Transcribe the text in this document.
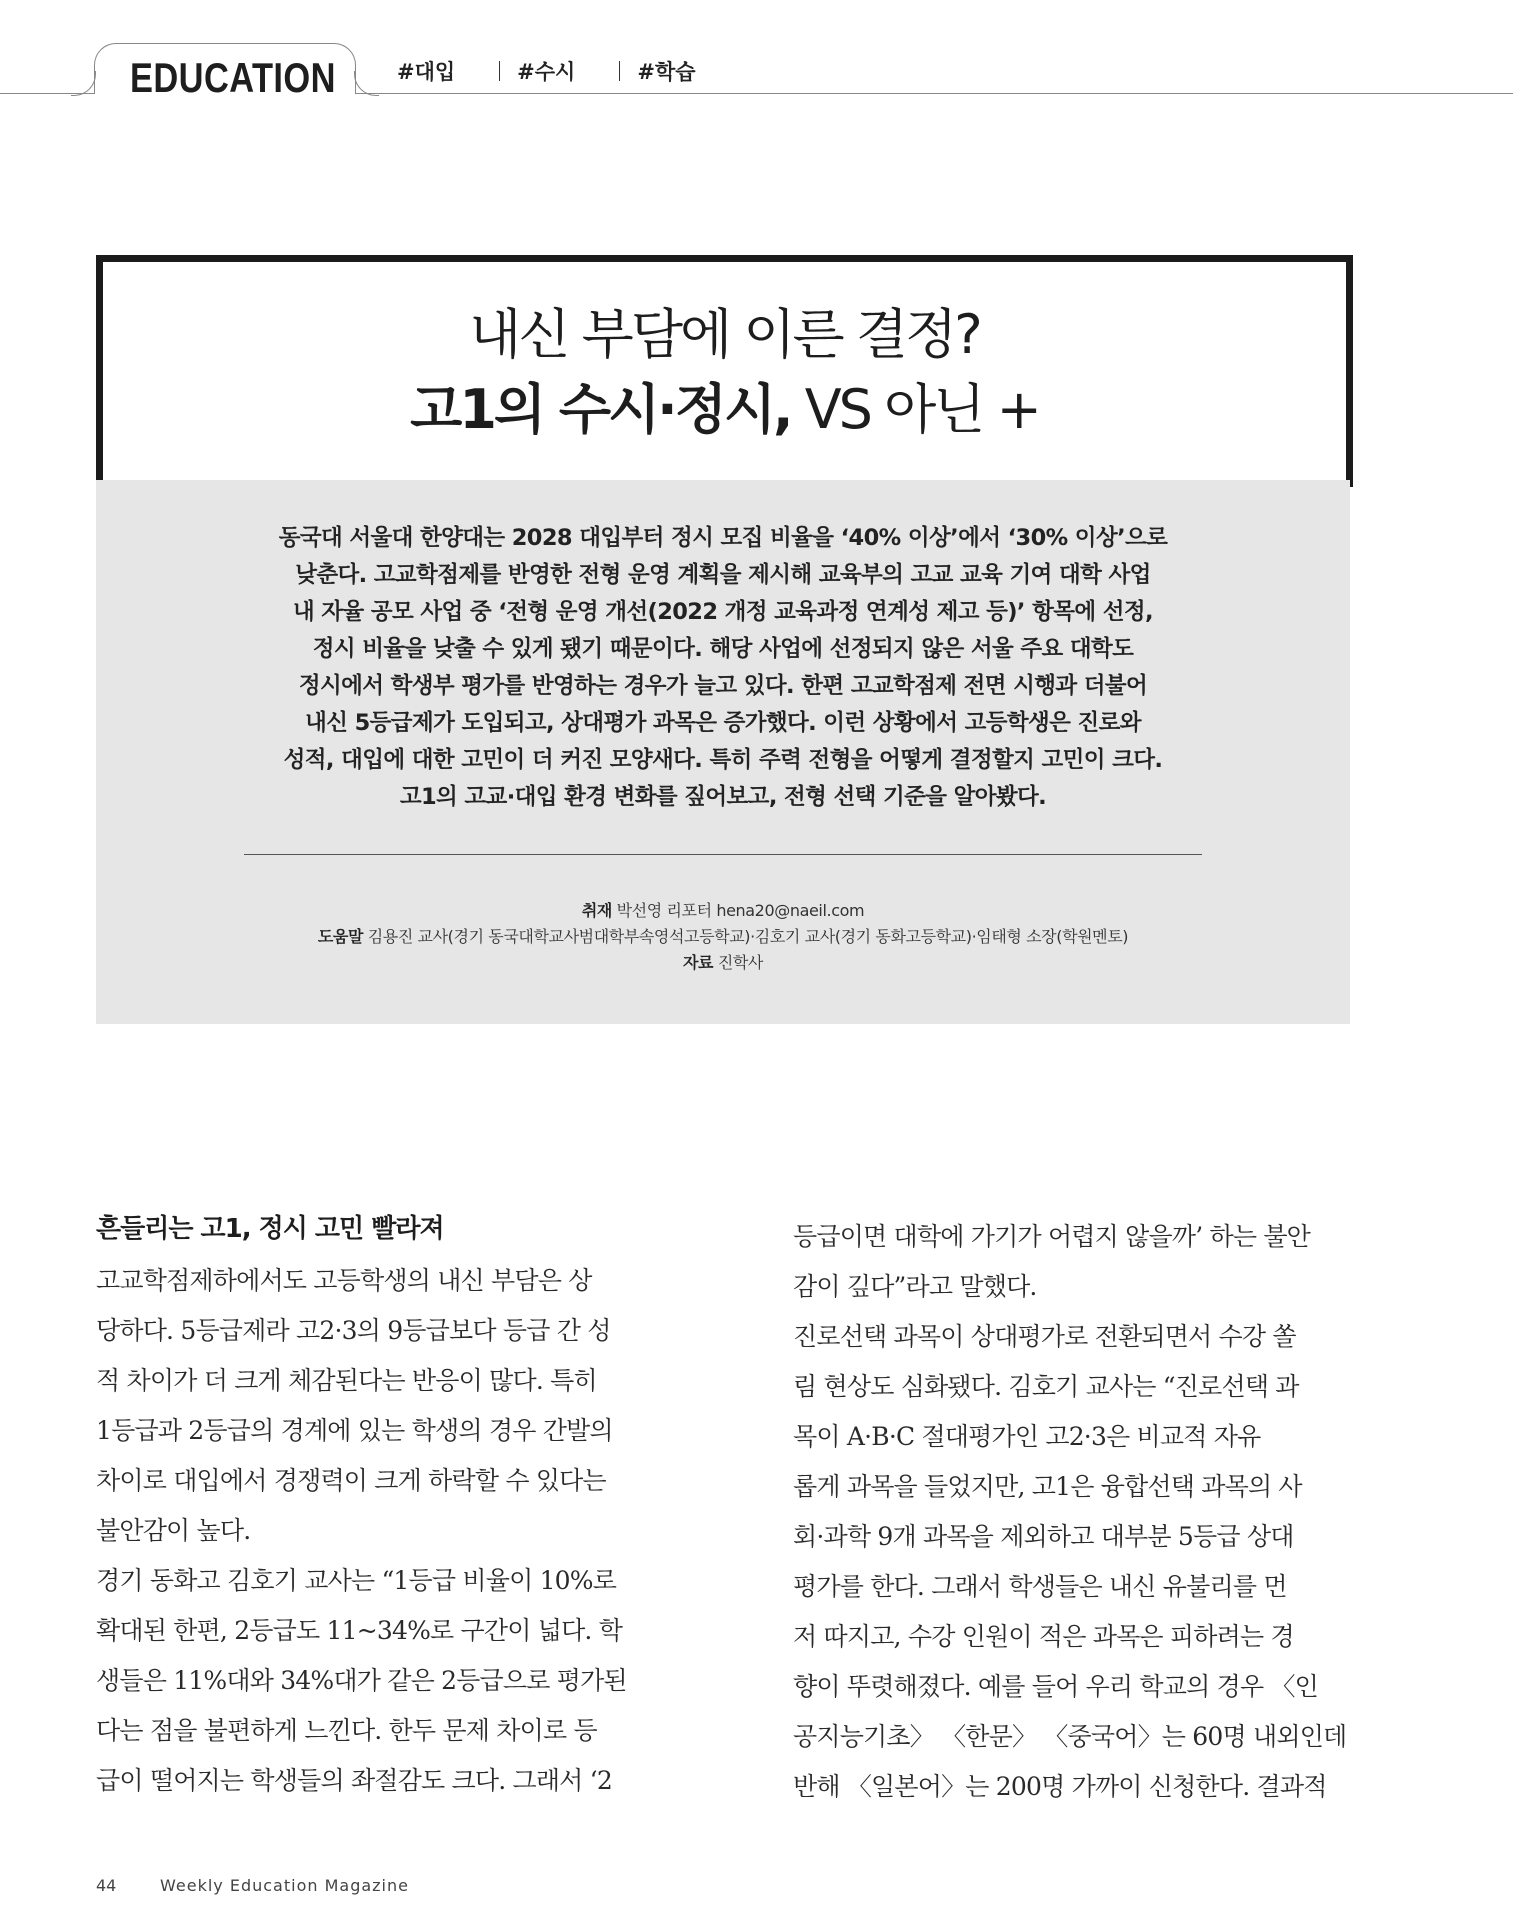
EDUCATION	#대입	#수시	#학습
내신 부담에 이른 결정?
고1의 수시·정시, VS 아닌 +
동국대 서울대 한양대는 2028 대입부터 정시 모집 비율을 ‘40% 이상’에서 ‘30% 이상’으로
낮춘다. 고교학점제를 반영한 전형 운영 계획을 제시해 교육부의 고교 교육 기여 대학 사업
내 자율 공모 사업 중 ‘전형 운영 개선(2022 개정 교육과정 연계성 제고 등)’ 항목에 선정,
정시 비율을 낮출 수 있게 됐기 때문이다. 해당 사업에 선정되지 않은 서울 주요 대학도
정시에서 학생부 평가를 반영하는 경우가 늘고 있다. 한편 고교학점제 전면 시행과 더불어
내신 5등급제가 도입되고, 상대평가 과목은 증가했다. 이런 상황에서 고등학생은 진로와
성적, 대입에 대한 고민이 더 커진 모양새다. 특히 주력 전형을 어떻게 결정할지 고민이 크다.
고1의 고교·대입 환경 변화를 짚어보고, 전형 선택 기준을 알아봤다.
취재 박선영 리포터 hena20@naeil.com
도움말 김용진 교사(경기 동국대학교사범대학부속영석고등학교)·김호기 교사(경기 동화고등학교)·임태형 소장(학원멘토)
자료 진학사
흔들리는 고1, 정시 고민 빨라져
고교학점제하에서도 고등학생의 내신 부담은 상
당하다. 5등급제라 고2·3의 9등급보다 등급 간 성
적 차이가 더 크게 체감된다는 반응이 많다. 특히
1등급과 2등급의 경계에 있는 학생의 경우 간발의
차이로 대입에서 경쟁력이 크게 하락할 수 있다는
불안감이 높다.
경기 동화고 김호기 교사는 “1등급 비율이 10%로
확대된 한편, 2등급도 11~34%로 구간이 넓다. 학
생들은 11%대와 34%대가 같은 2등급으로 평가된
다는 점을 불편하게 느낀다. 한두 문제 차이로 등
급이 떨어지는 학생들의 좌절감도 크다. 그래서 ‘2
등급이면 대학에 가기가 어렵지 않을까’ 하는 불안
감이 깊다”라고 말했다.
진로선택 과목이 상대평가로 전환되면서 수강 쏠
림 현상도 심화됐다. 김호기 교사는 “진로선택 과
목이 A·B·C 절대평가인 고2·3은 비교적 자유
롭게 과목을 들었지만, 고1은 융합선택 과목의 사
회·과학 9개 과목을 제외하고 대부분 5등급 상대
평가를 한다. 그래서 학생들은 내신 유불리를 먼
저 따지고, 수강 인원이 적은 과목은 피하려는 경
향이 뚜렷해졌다. 예를 들어 우리 학교의 경우 〈인
공지능기초〉 〈한문〉 〈중국어〉는 60명 내외인데
반해 〈일본어〉는 200명 가까이 신청한다. 결과적
44	Weekly Education Magazine
